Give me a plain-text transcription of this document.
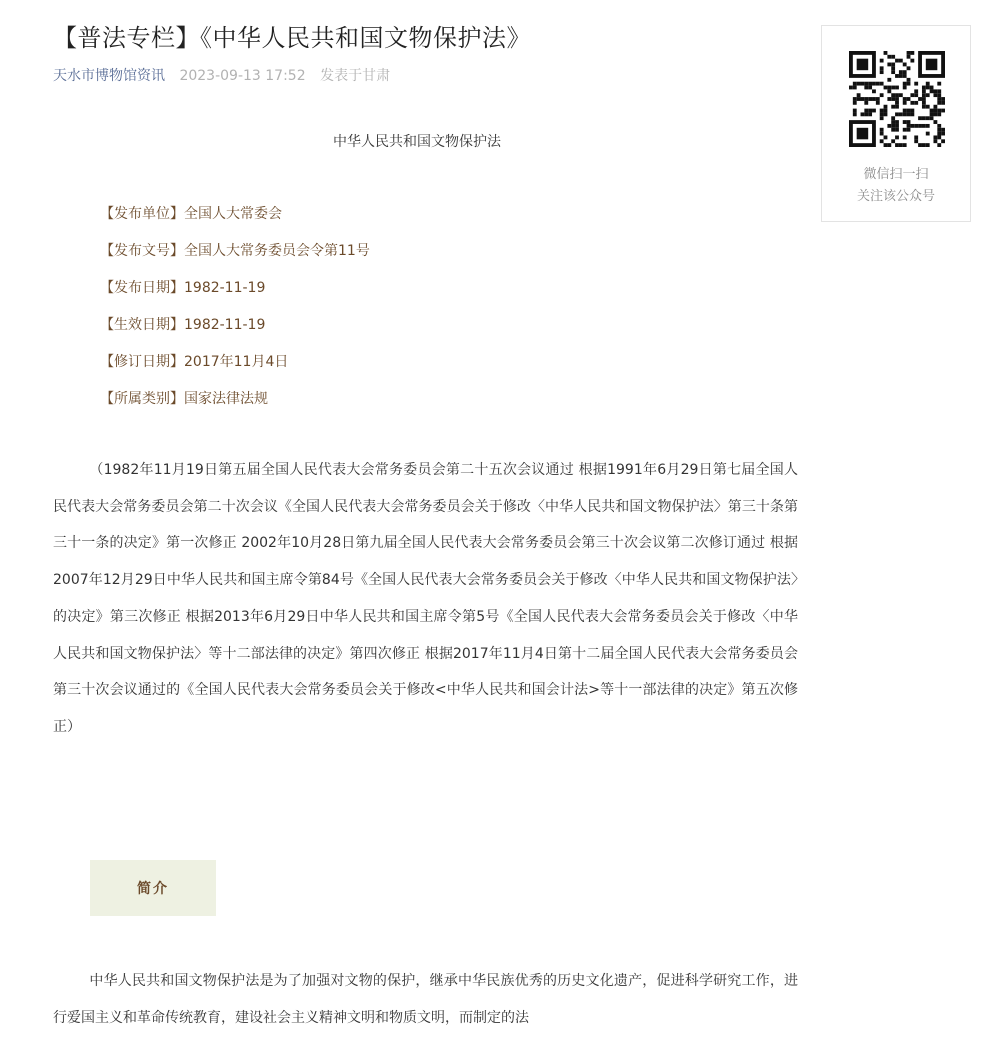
【普法专栏】《中华人民共和国文物保护法》
天水市博物馆资讯 2023-09-13 17:52 发表于甘肃
中华人民共和国文物保护法
【发布单位】全国人大常委会
【发布文号】全国人大常务委员会令第11号
【发布日期】1982-11-19
【生效日期】1982-11-19
【修订日期】2017年11月4日
【所属类别】国家法律法规

（1982年11月19日第五届全国人民代表大会常务委员会第二十五次会议通过 根据1991年6月29日第七届全国人民代表大会常务委员会第二十次会议《全国人民代表大会常务委员会关于修改〈中华人民共和国文物保护法〉第三十条第三十一条的决定》第一次修正 2002年10月28日第九届全国人民代表大会常务委员会第三十次会议第二次修订通过 根据2007年12月29日中华人民共和国主席令第84号《全国人民代表大会常务委员会关于修改〈中华人民共和国文物保护法〉的决定》第三次修正 根据2013年6月29日中华人民共和国主席令第5号《全国人民代表大会常务委员会关于修改〈中华人民共和国文物保护法〉等十二部法律的决定》第四次修正 根据2017年11月4日第十二届全国人民代表大会常务委员会第三十次会议通过的《全国人民代表大会常务委员会关于修改<中华人民共和国会计法>等十一部法律的决定》第五次修正）

简介

中华人民共和国文物保护法是为了加强对文物的保护，继承中华民族优秀的历史文化遗产，促进科学研究工作，进行爱国主义和革命传统教育，建设社会主义精神文明和物质文明，而制定的法

微信扫一扫
关注该公众号
